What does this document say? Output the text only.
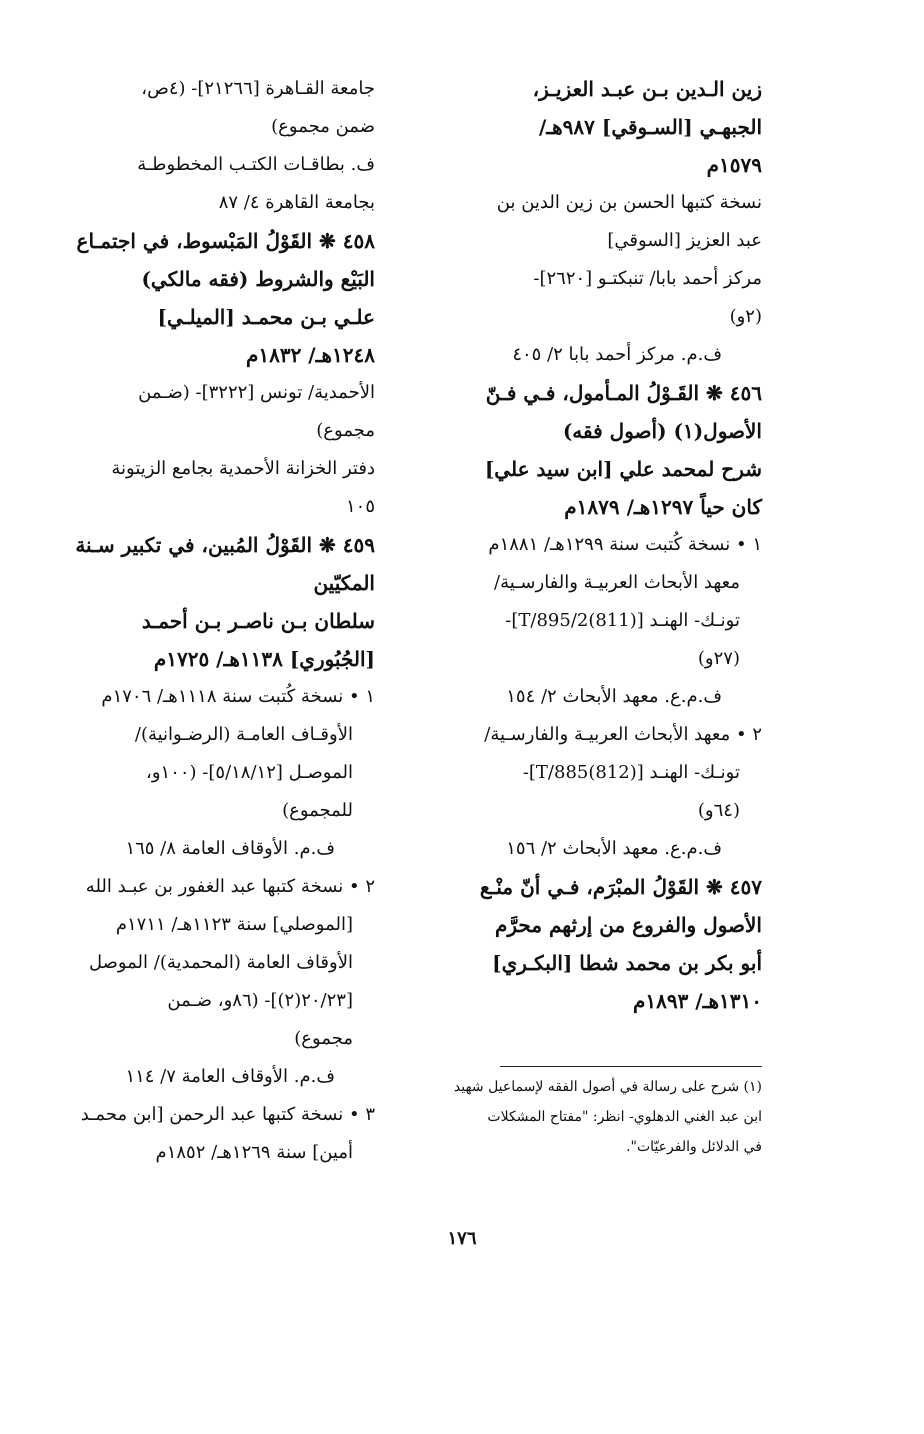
زين الـدين بـن عبـد العزيـز،
الجبهـي [السـوقي] ٩٨٧هـ/
١٥٧٩م
نسخة كتبها الحسن بن زين الدين بن
عبد العزيز [السوقي]
مركز أحمد بابا/ تنبكتـو [٢٦٢٠]-
(٢و)
ف.م. مركز أحمد بابا ٢/ ٤٠٥
٤٥٦ ❋ القَـوْلُ المـأمول، فـي فـنّ
الأصول(١) (أصول فقه)
شرح لمحمد علي [ابن سيد علي]
كان حياً ١٢٩٧هـ/ ١٨٧٩م
١ • نسخة كُتبت سنة ١٢٩٩هـ/ ١٨٨١م
معهد الأبحاث العربيـة والفارسـية/
تونـك- الهنـد [T/895/2(811)]-
(٢٧و)
ف.م.ع. معهد الأبحاث ٢/ ١٥٤
٢ • معهد الأبحاث العربيـة والفارسـية/
تونـك- الهنـد [T/885(812)]-
(٦٤و)
ف.م.ع. معهد الأبحاث ٢/ ١٥٦
٤٥٧ ❋ القَوْلُ المبْرَم، فـي أنّ منْـع
الأصول والفروع من إرثهم محرَّم
أبو بكر بن محمد شطا [البكـري]
١٣١٠هـ/ ١٨٩٣م
جامعة القـاهرة [٢١٢٦٦]- (٤ص،
ضمن مجموع)
ف. بطاقـات الكتـب المخطوطـة
بجامعة القاهرة ٤/ ٨٧
٤٥٨ ❋ القَوْلُ المَبْسوط، في اجتمـاع
البَيْع والشروط (فقه مالكي)
علـي بـن محمـد [الميلـي]
١٢٤٨هـ/ ١٨٣٢م
الأحمدية/ تونس [٣٢٢٢]- (ضـمن
مجموع)
دفتر الخزانة الأحمدية بجامع الزيتونة
١٠٥
٤٥٩ ❋ القَوْلُ المُبين، في تكبير سـنة
المكيّين
سلطان بـن ناصـر بـن أحمـد
[الجُبُوري] ١١٣٨هـ/ ١٧٢٥م
١ • نسخة كُتبت سنة ١١١٨هـ/ ١٧٠٦م
الأوقـاف العامـة (الرضـوانية)/
الموصـل [٥/١٨/١٢]- (١٠٠و،
للمجموع)
ف.م. الأوقاف العامة ٨/ ١٦٥
٢ • نسخة كتبها عبد الغفور بن عبـد الله
[الموصلي] سنة ١١٢٣هـ/ ١٧١١م
الأوقاف العامة (المحمدية)/ الموصل
[٢٠/٢٣(٢)]- (٨٦و، ضـمن
مجموع)
ف.م. الأوقاف العامة ٧/ ١١٤
٣ • نسخة كتبها عبد الرحمن [ابن محمـد
أمين] سنة ١٢٦٩هـ/ ١٨٥٢م
(١) شرح على رسالة في أصول الفقه لإسماعيل شهيد
ابن عبد الغني الدهلوي- انظر: "مفتاح المشكلات
في الدلائل والفرعيّات".
١٧٦
